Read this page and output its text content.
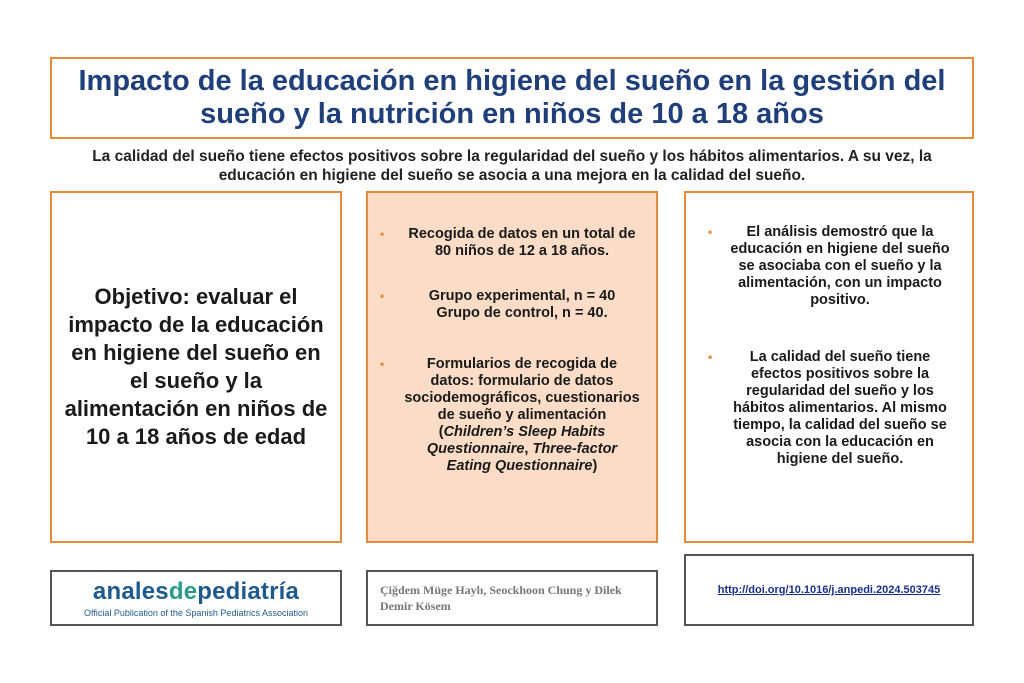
Impacto de la educación en higiene del sueño en la gestión del sueño y la nutrición en niños de 10 a 18 años
La calidad del sueño tiene efectos positivos sobre la regularidad del sueño y los hábitos alimentarios. A su vez, la educación en higiene del sueño se asocia a una mejora en la calidad del sueño.
Objetivo: evaluar el impacto de la educación en higiene del sueño en el sueño y la alimentación en niños de 10 a 18 años de edad
• Recogida de datos en un total de 80 niños de 12 a 18 años.
•	Grupo experimental, n = 40
Grupo de control, n = 40.
•	Formularios de recogida de datos: formulario de datos sociodemográficos, cuestionarios de sueño y alimentación (Children’s Sleep Habits Questionnaire, Three-factor Eating Questionnaire)
• El análisis demostró que la educación en higiene del sueño se asociaba con el sueño y la alimentación, con un impacto positivo.
•	La calidad del sueño tiene efectos positivos sobre la regularidad del sueño y los hábitos alimentarios. Al mismo tiempo, la calidad del sueño se asocia con la educación en higiene del sueño.
analesdepediatría
Official Publication of the Spanish Pediatrics Association
Çiğdem Müge Haylı, Seockhoon Chung y Dilek Demir Kösem
http://doi.org/10.1016/j.anpedi.2024.503745
